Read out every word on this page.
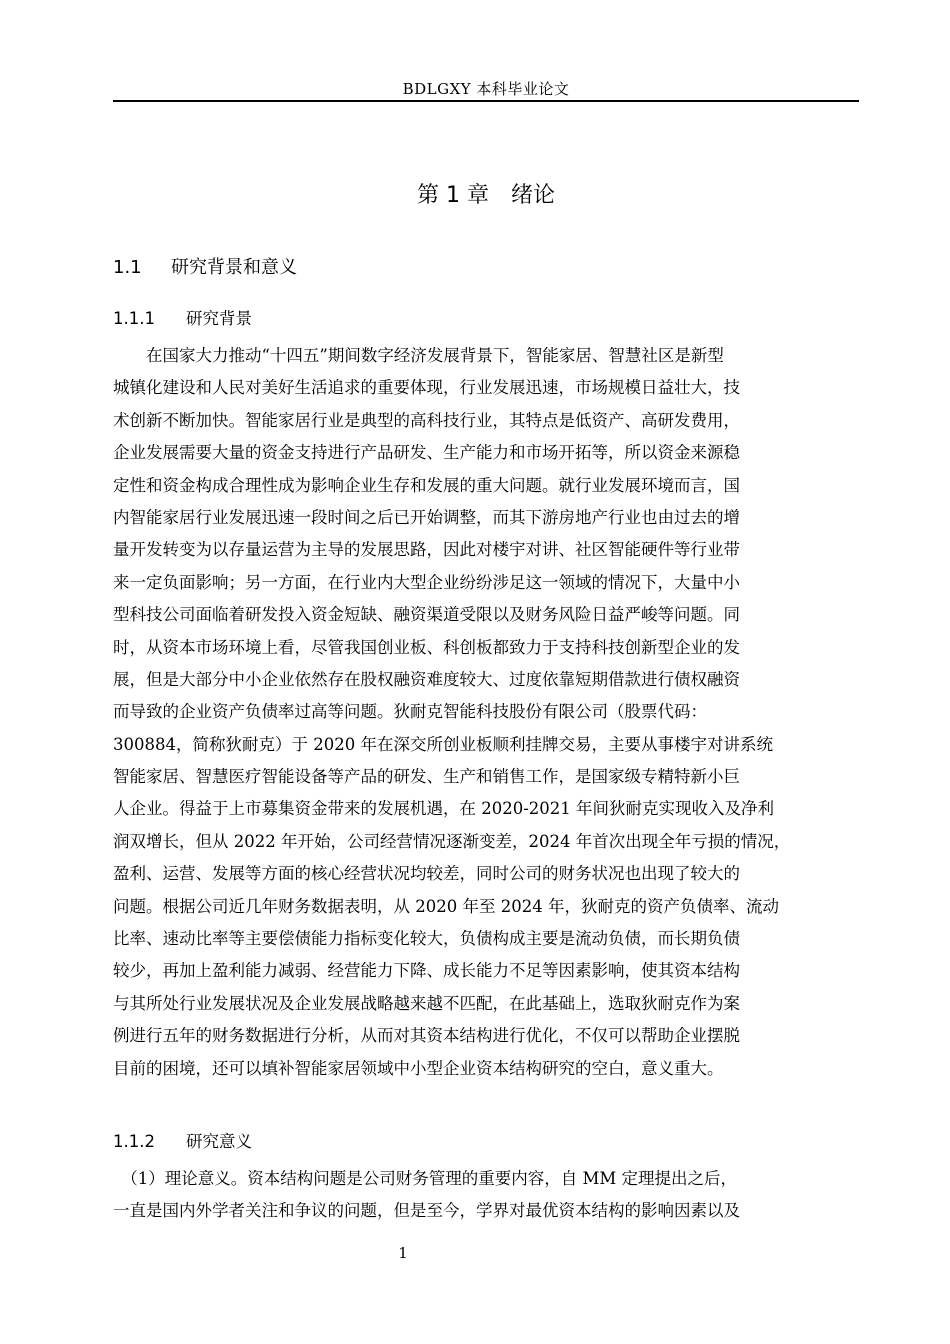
BDLGXY 本科毕业论文
第 1 章 绪论
1.1 研究背景和意义
1.1.1 研究背景
　　在国家大力推动“十四五”期间数字经济发展背景下，智能家居、智慧社区是新型
城镇化建设和人民对美好生活追求的重要体现，行业发展迅速，市场规模日益壮大，技
术创新不断加快。智能家居行业是典型的高科技行业，其特点是低资产、高研发费用，
企业发展需要大量的资金支持进行产品研发、生产能力和市场开拓等，所以资金来源稳
定性和资金构成合理性成为影响企业生存和发展的重大问题。就行业发展环境而言，国
内智能家居行业发展迅速一段时间之后已开始调整，而其下游房地产行业也由过去的增
量开发转变为以存量运营为主导的发展思路，因此对楼宇对讲、社区智能硬件等行业带
来一定负面影响；另一方面，在行业内大型企业纷纷涉足这一领域的情况下，大量中小
型科技公司面临着研发投入资金短缺、融资渠道受限以及财务风险日益严峻等问题。同
时，从资本市场环境上看，尽管我国创业板、科创板都致力于支持科技创新型企业的发
展，但是大部分中小企业依然存在股权融资难度较大、过度依靠短期借款进行债权融资
而导致的企业资产负债率过高等问题。狄耐克智能科技股份有限公司（股票代码：
300884，简称狄耐克）于 2020 年在深交所创业板顺利挂牌交易，主要从事楼宇对讲系统
智能家居、智慧医疗智能设备等产品的研发、生产和销售工作，是国家级专精特新小巨
人企业。得益于上市募集资金带来的发展机遇，在 2020-2021 年间狄耐克实现收入及净利
润双增长，但从 2022 年开始，公司经营情况逐渐变差，2024 年首次出现全年亏损的情况，
盈利、运营、发展等方面的核心经营状况均较差，同时公司的财务状况也出现了较大的
问题。根据公司近几年财务数据表明，从 2020 年至 2024 年，狄耐克的资产负债率、流动
比率、速动比率等主要偿债能力指标变化较大，负债构成主要是流动负债，而长期负债
较少，再加上盈利能力减弱、经营能力下降、成长能力不足等因素影响，使其资本结构
与其所处行业发展状况及企业发展战略越来越不匹配，在此基础上，选取狄耐克作为案
例进行五年的财务数据进行分析，从而对其资本结构进行优化，不仅可以帮助企业摆脱
目前的困境，还可以填补智能家居领域中小型企业资本结构研究的空白，意义重大。
1.1.2 研究意义
　（1）理论意义。资本结构问题是公司财务管理的重要内容，自 MM 定理提出之后，
一直是国内外学者关注和争议的问题，但是至今，学界对最优资本结构的影响因素以及
1
